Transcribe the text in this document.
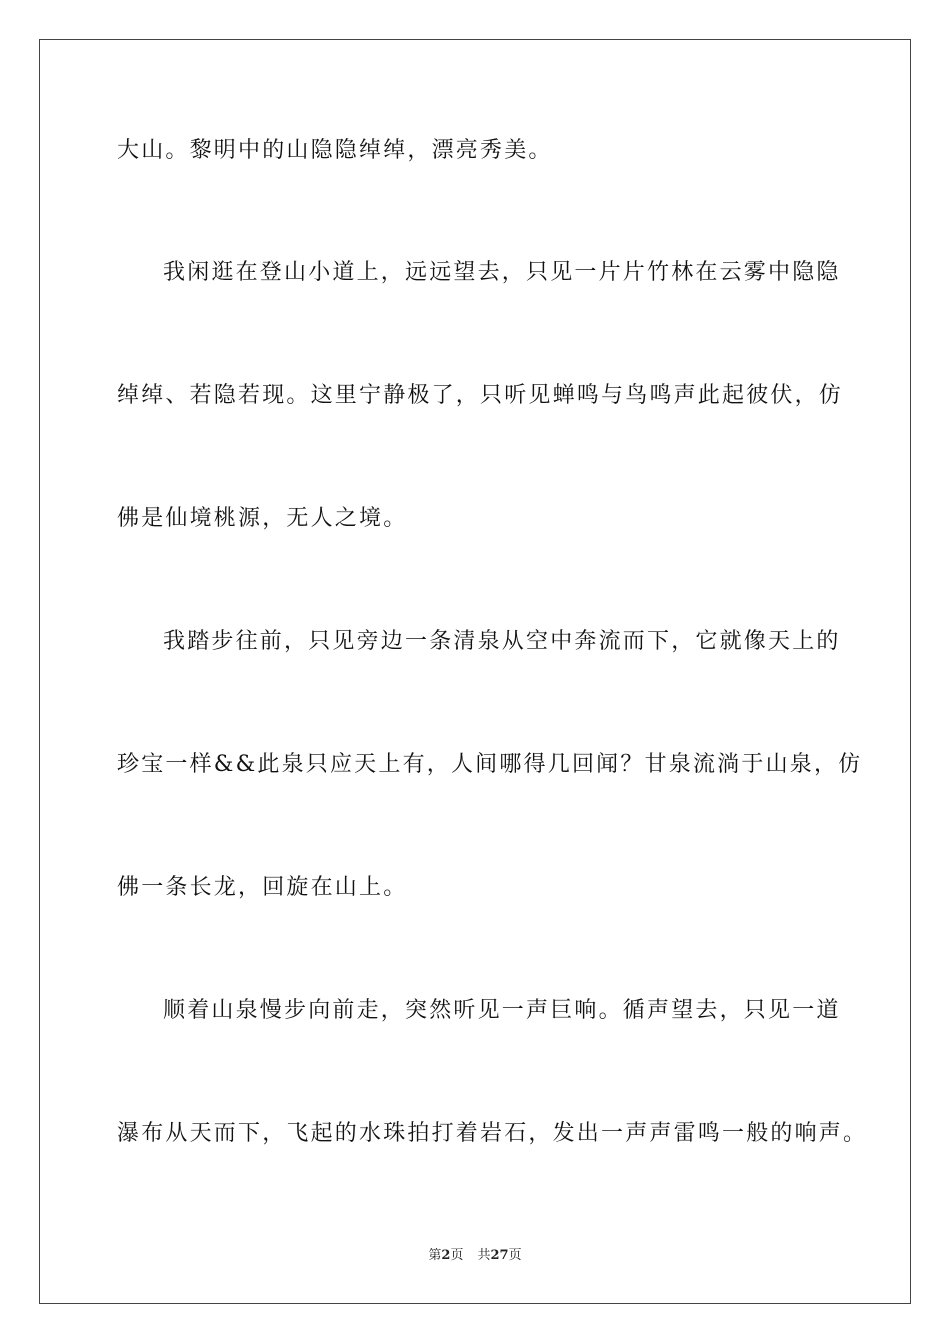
大山。黎明中的山隐隐绰绰，漂亮秀美。
我闲逛在登山小道上，远远望去，只见一片片竹林在云雾中隐隐
绰绰、若隐若现。这里宁静极了，只听见蝉鸣与鸟鸣声此起彼伏，仿
佛是仙境桃源，无人之境。
我踏步往前，只见旁边一条清泉从空中奔流而下，它就像天上的
珍宝一样&&此泉只应天上有，人间哪得几回闻？甘泉流淌于山泉，仿
佛一条长龙，回旋在山上。
顺着山泉慢步向前走，突然听见一声巨响。循声望去，只见一道
瀑布从天而下，飞起的水珠拍打着岩石，发出一声声雷鸣一般的响声。
第2页 共27页
